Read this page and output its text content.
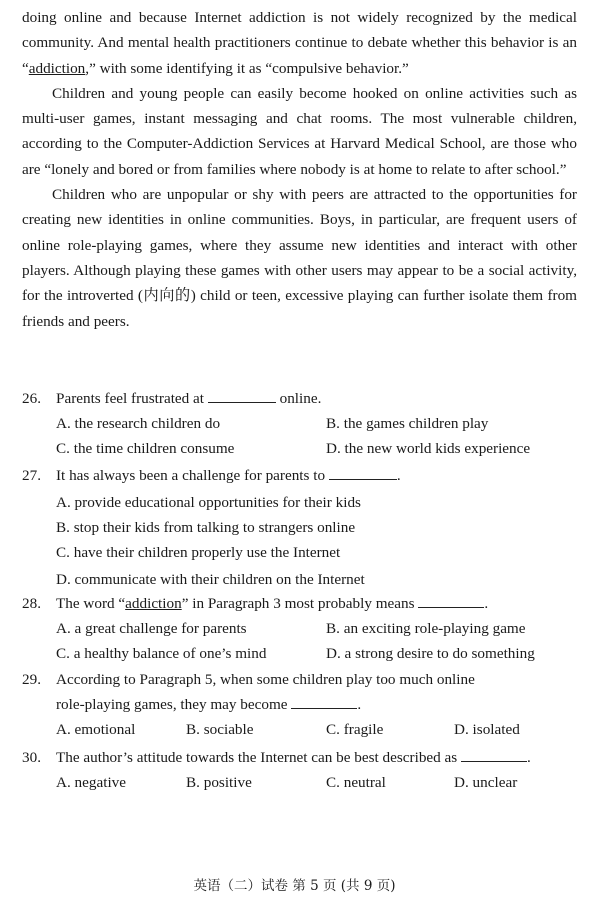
doing online and because Internet addiction is not widely recognized by the medical community. And mental health practitioners continue to debate whether this behavior is an “addiction,” with some identifying it as “compulsive behavior.”

Children and young people can easily become hooked on online activities such as multi-user games, instant messaging and chat rooms. The most vulnerable children, according to the Computer-Addiction Services at Harvard Medical School, are those who are “lonely and bored or from families where nobody is at home to relate to after school.”

Children who are unpopular or shy with peers are attracted to the opportunities for creating new identities in online communities. Boys, in particular, are frequent users of online role-playing games, where they assume new identities and interact with other players. Although playing these games with other users may appear to be a social activity, for the introverted (内向的) child or teen, excessive playing can further isolate them from friends and peers.

26. Parents feel frustrated at	online.
A. the research children do	B. the games children play
C. the time children consume	D. the new world kids experience
27. It has always been a challenge for parents to	.
A. provide educational opportunities for their kids
B. stop their kids from talking to strangers online
C. have their children properly use the Internet
D. communicate with their children on the Internet
28. The word “addiction” in Paragraph 3 most probably means	.
A. a great challenge for parents	B. an exciting role-playing game
C. a healthy balance of one’s mind	D. a strong desire to do something
29. According to Paragraph 5, when some children play too much online
role-playing games, they may become	.
A. emotional	B. sociable	C. fragile	D. isolated
30. The author’s attitude towards the Internet can be best described as	.
A. negative	B. positive	C. neutral	D. unclear
英语（二）试卷 第 5 页 (共 9 页)
